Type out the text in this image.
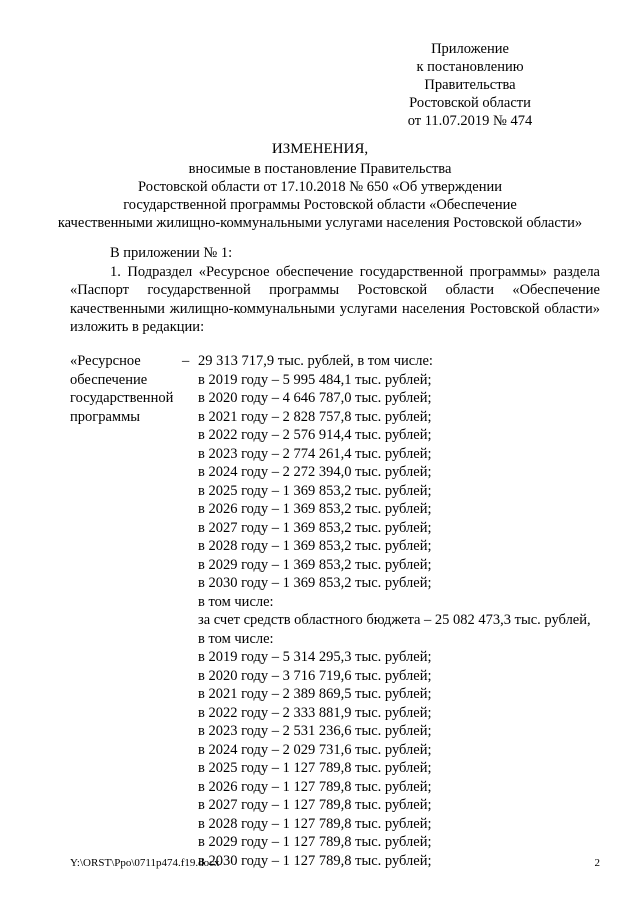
Приложение
к постановлению
Правительства
Ростовской области
от 11.07.2019 № 474
ИЗМЕНЕНИЯ,
вносимые в постановление Правительства
Ростовской области от 17.10.2018 № 650 «Об утверждении
государственной программы Ростовской области «Обеспечение
качественными жилищно-коммунальными услугами населения Ростовской области»
В приложении № 1:
1. Подраздел «Ресурсное обеспечение государственной программы» раздела «Паспорт государственной программы Ростовской области «Обеспечение качественными жилищно-коммунальными услугами населения Ростовской области» изложить в редакции:
«Ресурсное
обеспечение
государственной
программы
– 29 313 717,9 тыс. рублей, в том числе:
в 2019 году – 5 995 484,1 тыс. рублей;
в 2020 году – 4 646 787,0 тыс. рублей;
в 2021 году – 2 828 757,8 тыс. рублей;
в 2022 году – 2 576 914,4 тыс. рублей;
в 2023 году – 2 774 261,4 тыс. рублей;
в 2024 году – 2 272 394,0 тыс. рублей;
в 2025 году – 1 369 853,2 тыс. рублей;
в 2026 году – 1 369 853,2 тыс. рублей;
в 2027 году – 1 369 853,2 тыс. рублей;
в 2028 году – 1 369 853,2 тыс. рублей;
в 2029 году – 1 369 853,2 тыс. рублей;
в 2030 году – 1 369 853,2 тыс. рублей;
в том числе:
за счет средств областного бюджета – 25 082 473,3 тыс. рублей,
в том числе:
в 2019 году – 5 314 295,3 тыс. рублей;
в 2020 году – 3 716 719,6 тыс. рублей;
в 2021 году – 2 389 869,5 тыс. рублей;
в 2022 году – 2 333 881,9 тыс. рублей;
в 2023 году – 2 531 236,6 тыс. рублей;
в 2024 году – 2 029 731,6 тыс. рублей;
в 2025 году – 1 127 789,8 тыс. рублей;
в 2026 году – 1 127 789,8 тыс. рублей;
в 2027 году – 1 127 789,8 тыс. рублей;
в 2028 году – 1 127 789,8 тыс. рублей;
в 2029 году – 1 127 789,8 тыс. рублей;
в 2030 году – 1 127 789,8 тыс. рублей;
Y:\ORST\Ppo\0711p474.f19.docx	2
